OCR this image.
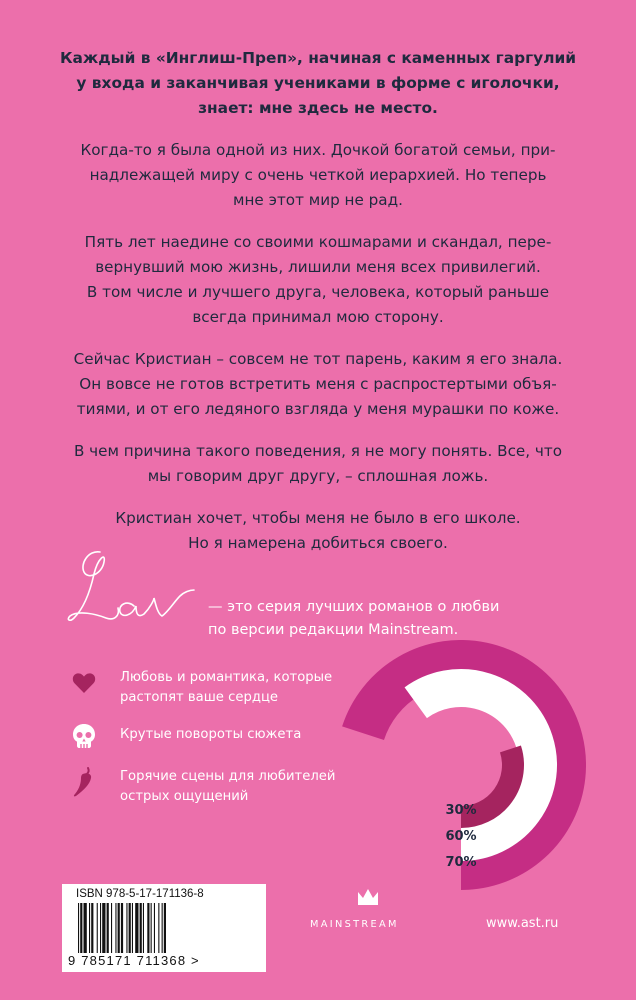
Каждый в «Инглиш-Преп», начиная с каменных гаргулий
у входа и заканчивая учениками в форме с иголочки,
знает: мне здесь не место.

Когда-то я была одной из них. Дочкой богатой семьи, при-
надлежащей миру с очень четкой иерархией. Но теперь
мне этот мир не рад.

Пять лет наедине со своими кошмарами и скандал, пере-
вернувший мою жизнь, лишили меня всех привилегий.
В том числе и лучшего друга, человека, который раньше
всегда принимал мою сторону.

Сейчас Кристиан – совсем не тот парень, каким я его знала.
Он вовсе не готов встретить меня с распростертыми объя-
тиями, и от его ледяного взгляда у меня мурашки по коже.

В чем причина такого поведения, я не могу понять. Все, что
мы говорим друг другу, – сплошная ложь.

Кристиан хочет, чтобы меня не было в его школе.
Но я намерена добиться своего.

— это серия лучших романов о любви
по версии редакции Mainstream.
Любовь и романтика, которые
растопят ваше сердце
Крутые повороты сюжета
Горячие сцены для любителей
острых ощущений
70%
60%
30%
ISBN 978-5-17-171136-8
9 785171 711368 >
MAINSTREAM	www.ast.ru
